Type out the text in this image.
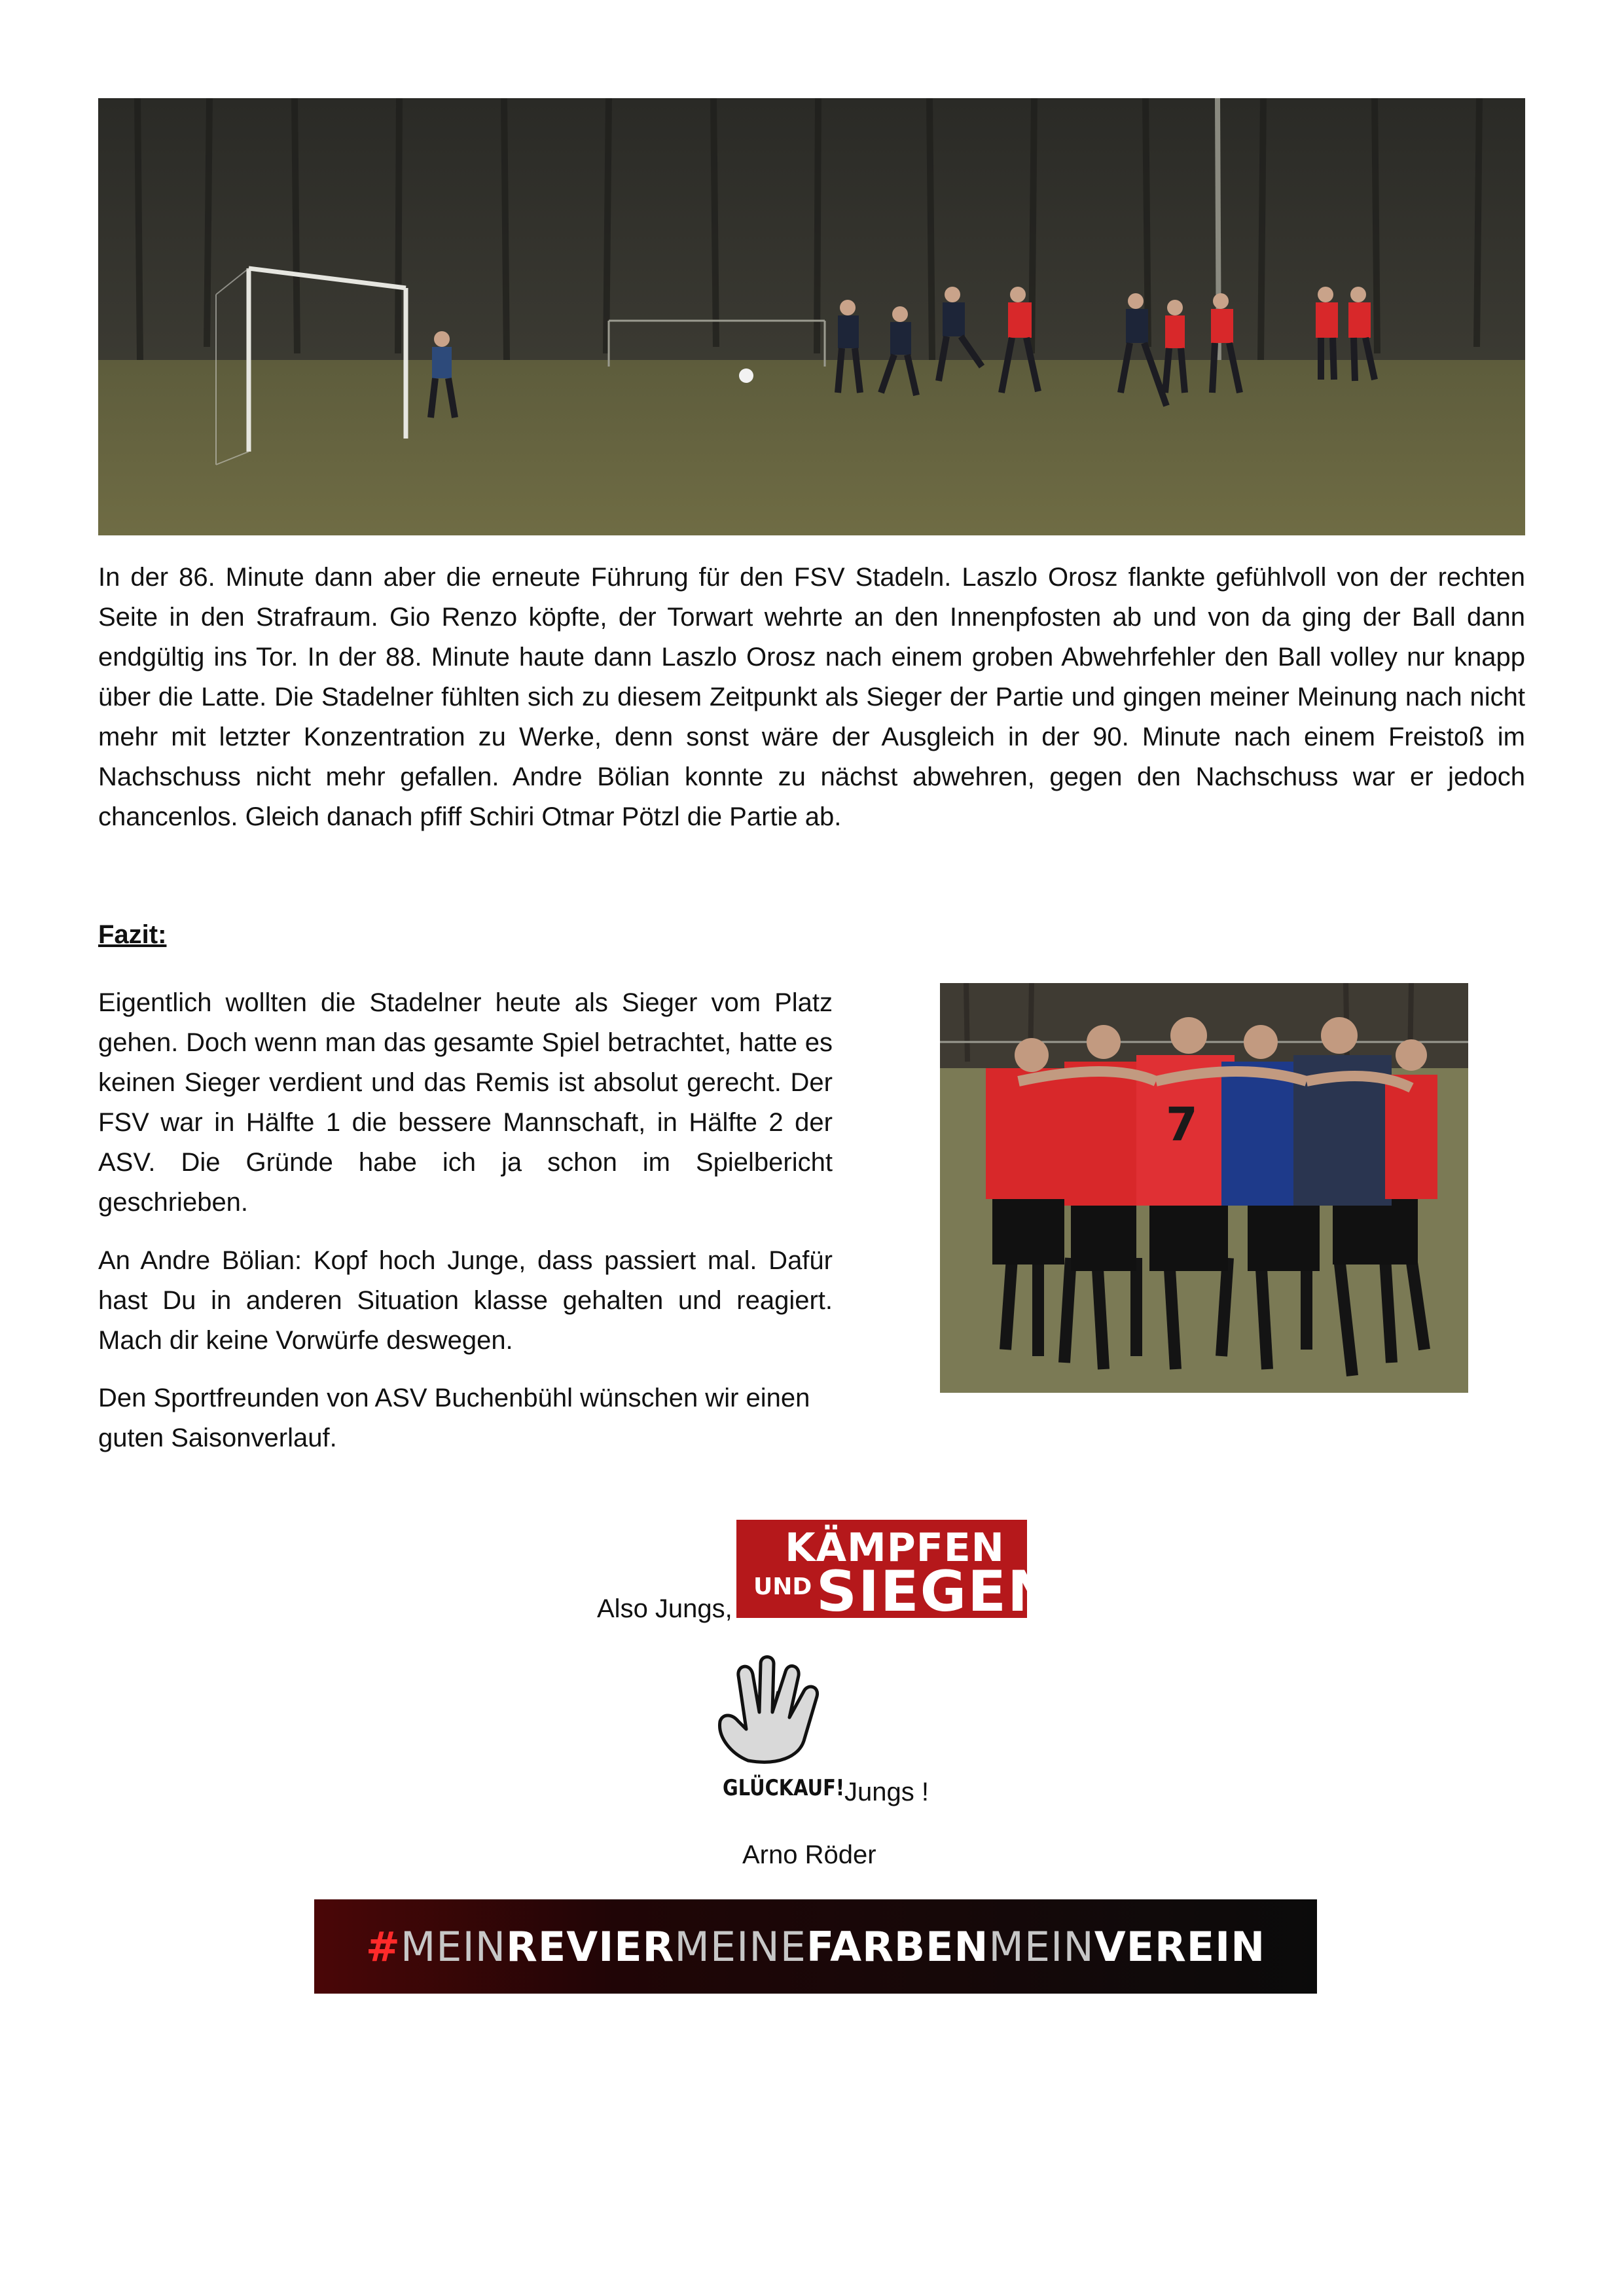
In der 86. Minute dann aber die erneute Führung für den FSV Stadeln. Laszlo Orosz flankte gefühlvoll von der rechten Seite in den Strafraum. Gio Renzo köpfte, der Torwart wehrte an den Innenpfosten ab und von da ging der Ball dann endgültig ins Tor. In der 88. Minute haute dann Laszlo Orosz nach einem groben Abwehrfehler den Ball volley nur knapp über die Latte. Die Stadelner fühlten sich zu diesem Zeitpunkt als Sieger der Partie und gingen meiner Meinung nach nicht mehr mit letzter Konzentration zu Werke, denn sonst wäre der Ausgleich in der 90. Minute nach einem Freistoß im Nachschuss nicht mehr gefallen. Andre Bölian konnte zu nächst abwehren, gegen den Nachschuss war er jedoch chancenlos. Gleich danach pfiff Schiri Otmar Pötzl die Partie ab.

Fazit:

Eigentlich wollten die Stadelner heute als Sieger vom Platz gehen. Doch wenn man das gesamte Spiel betrachtet, hatte es keinen Sieger verdient und das Remis ist absolut gerecht. Der FSV war in Hälfte 1 die bessere Mannschaft, in Hälfte 2 der ASV. Die Gründe habe ich ja schon im Spielbericht geschrieben.

An Andre Bölian: Kopf hoch Junge, dass passiert mal. Dafür hast Du in anderen Situation klasse gehalten und reagiert. Mach dir keine Vorwürfe deswegen.

Den Sportfreunden von ASV Buchenbühl wünschen wir einen guten Saisonverlauf.

7
Also Jungs,
KÄMPFEN
UND SIEGEN
GLÜCKAUF! Jungs !
Arno Röder
# MEIN REVIER MEINE FARBEN MEIN VEREIN
